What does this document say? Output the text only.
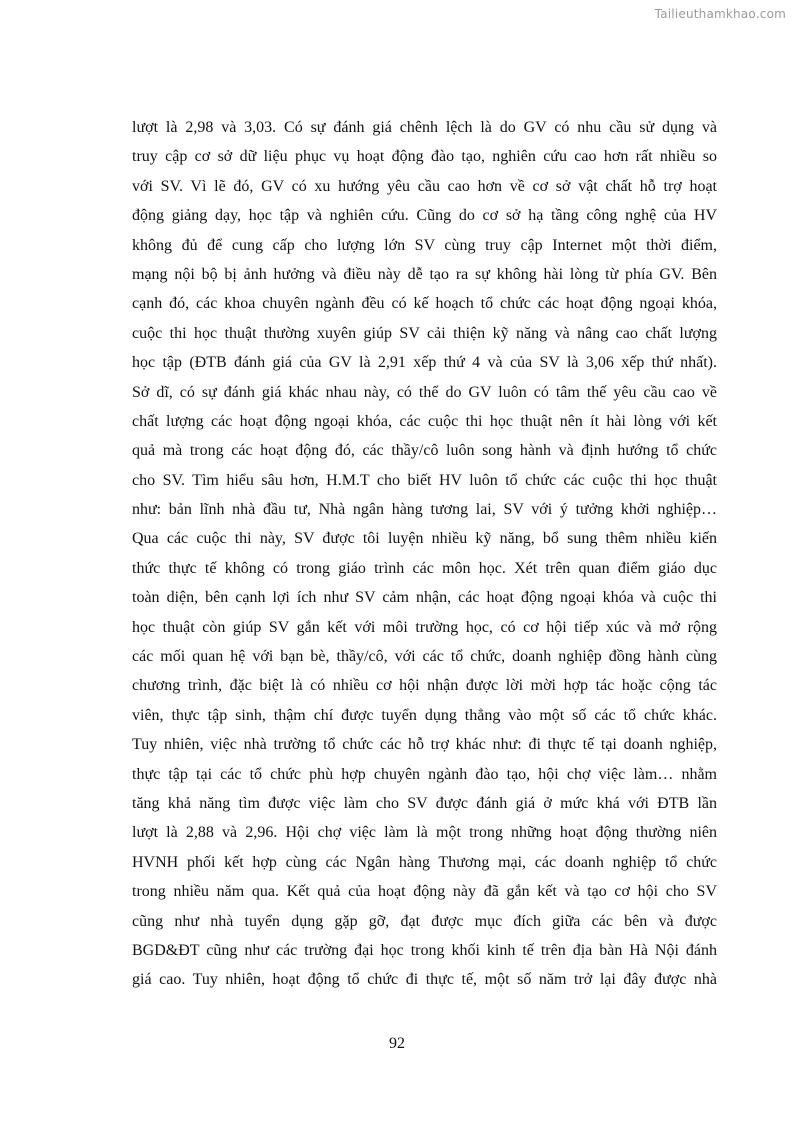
Tailieuthamkhao.com
lượt là 2,98 và 3,03. Có sự đánh giá chênh lệch là do GV có nhu cầu sử dụng và
truy cập cơ sở dữ liệu phục vụ hoạt động đào tạo, nghiên cứu cao hơn rất nhiều so
với SV. Vì lẽ đó, GV có xu hướng yêu cầu cao hơn về cơ sở vật chất hỗ trợ hoạt
động giảng dạy, học tập và nghiên cứu. Cũng do cơ sở hạ tầng công nghệ của HV
không đủ để cung cấp cho lượng lớn SV cùng truy cập Internet một thời điểm,
mạng nội bộ bị ảnh hưởng và điều này dễ tạo ra sự không hài lòng từ phía GV. Bên
cạnh đó, các khoa chuyên ngành đều có kế hoạch tổ chức các hoạt động ngoại khóa,
cuộc thi học thuật thường xuyên giúp SV cải thiện kỹ năng và nâng cao chất lượng
học tập (ĐTB đánh giá của GV là 2,91 xếp thứ 4 và của SV là 3,06 xếp thứ nhất).
Sở dĩ, có sự đánh giá khác nhau này, có thể do GV luôn có tâm thế yêu cầu cao về
chất lượng các hoạt động ngoại khóa, các cuộc thi học thuật nên ít hài lòng với kết
quả mà trong các hoạt động đó, các thầy/cô luôn song hành và định hướng tổ chức
cho SV. Tìm hiểu sâu hơn, H.M.T cho biết HV luôn tổ chức các cuộc thi học thuật
như: bản lĩnh nhà đầu tư, Nhà ngân hàng tương lai, SV với ý tưởng khởi nghiệp…
Qua các cuộc thi này, SV được tôi luyện nhiều kỹ năng, bổ sung thêm nhiều kiến
thức thực tế không có trong giáo trình các môn học. Xét trên quan điểm giáo dục
toàn diện, bên cạnh lợi ích như SV cảm nhận, các hoạt động ngoại khóa và cuộc thi
học thuật còn giúp SV gắn kết với môi trường học, có cơ hội tiếp xúc và mở rộng
các mối quan hệ với bạn bè, thầy/cô, với các tổ chức, doanh nghiệp đồng hành cùng
chương trình, đặc biệt là có nhiều cơ hội nhận được lời mời hợp tác hoặc cộng tác
viên, thực tập sinh, thậm chí được tuyển dụng thẳng vào một số các tổ chức khác.
Tuy nhiên, việc nhà trường tổ chức các hỗ trợ khác như: đi thực tế tại doanh nghiệp,
thực tập tại các tổ chức phù hợp chuyên ngành đào tạo, hội chợ việc làm… nhằm
tăng khả năng tìm được việc làm cho SV được đánh giá ở mức khá với ĐTB lần
lượt là 2,88 và 2,96. Hội chợ việc làm là một trong những hoạt động thường niên
HVNH phối kết hợp cùng các Ngân hàng Thương mại, các doanh nghiệp tổ chức
trong nhiều năm qua. Kết quả của hoạt động này đã gắn kết và tạo cơ hội cho SV
cũng như nhà tuyển dụng gặp gỡ, đạt được mục đích giữa các bên và được
BGD&ĐT cũng như các trường đại học trong khối kinh tế trên địa bàn Hà Nội đánh
giá cao. Tuy nhiên, hoạt động tổ chức đi thực tế, một số năm trở lại đây được nhà
92
